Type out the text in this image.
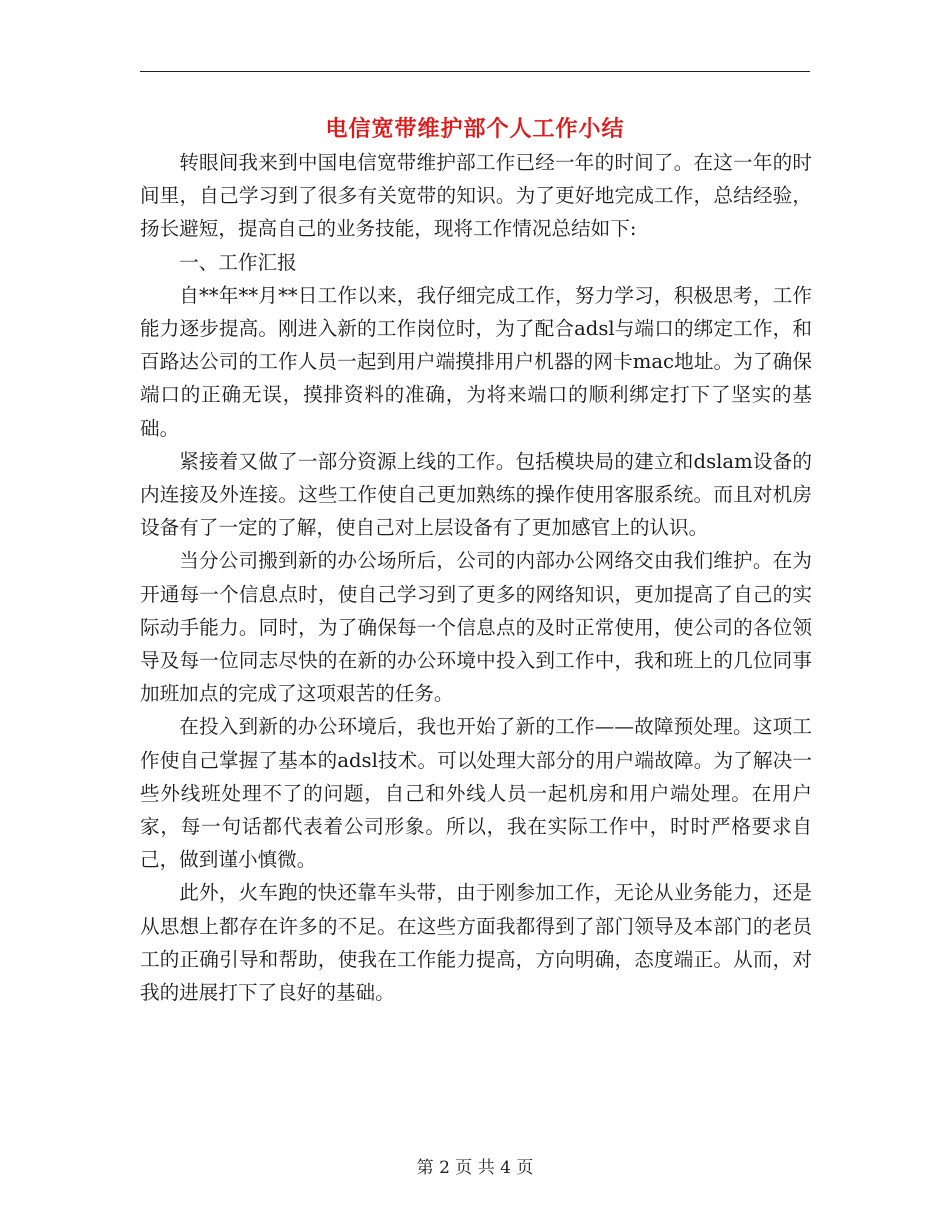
电信宽带维护部个人工作小结

转眼间我来到中国电信宽带维护部工作已经一年的时间了。在这一年的时间里，自己学习到了很多有关宽带的知识。为了更好地完成工作，总结经验，扬长避短，提高自己的业务技能，现将工作情况总结如下:

一、工作汇报

自**年**月**日工作以来，我仔细完成工作，努力学习，积极思考，工作能力逐步提高。刚进入新的工作岗位时，为了配合adsl与端口的绑定工作，和百路达公司的工作人员一起到用户端摸排用户机器的网卡mac地址。为了确保端口的正确无误，摸排资料的准确，为将来端口的顺利绑定打下了坚实的基础。

紧接着又做了一部分资源上线的工作。包括模块局的建立和dslam设备的内连接及外连接。这些工作使自己更加熟练的操作使用客服系统。而且对机房设备有了一定的了解，使自己对上层设备有了更加感官上的认识。

当分公司搬到新的办公场所后，公司的内部办公网络交由我们维护。在为开通每一个信息点时，使自己学习到了更多的网络知识，更加提高了自己的实际动手能力。同时，为了确保每一个信息点的及时正常使用，使公司的各位领导及每一位同志尽快的在新的办公环境中投入到工作中，我和班上的几位同事加班加点的完成了这项艰苦的任务。

在投入到新的办公环境后，我也开始了新的工作——故障预处理。这项工作使自己掌握了基本的adsl技术。可以处理大部分的用户端故障。为了解决一些外线班处理不了的问题，自己和外线人员一起机房和用户端处理。在用户家，每一句话都代表着公司形象。所以，我在实际工作中，时时严格要求自己，做到谨小慎微。

此外，火车跑的快还靠车头带，由于刚参加工作，无论从业务能力，还是从思想上都存在许多的不足。在这些方面我都得到了部门领导及本部门的老员工的正确引导和帮助，使我在工作能力提高，方向明确，态度端正。从而，对我的进展打下了良好的基础。

第 2 页 共 4 页
